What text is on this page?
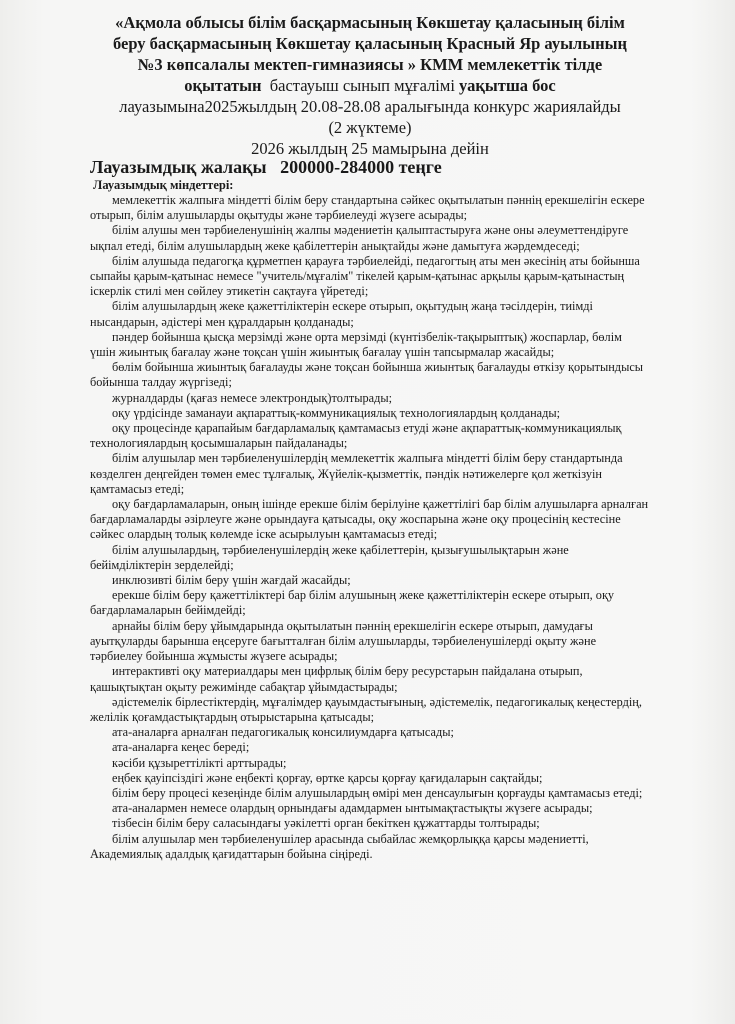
«Ақмола облысы білім басқармасының Көкшетау қаласының білім
беру басқармасының Көкшетау қаласының Красный Яр ауылының
№3 көпсалалы мектеп-гимназиясы » КММ мемлекеттік тілде
оқытатын  бастауыш сынып мұғалімі уақытша бос
лауазымына2025жылдың 20.08-28.08 аралығында конкурс жариялайды
(2 жүктеме)
2026 жылдың 25 мамырына дейін
Лауазымдық жалақы   200000-284000 теңге
Лауазымдық міндеттері:

мемлекеттік жалпыға міндетті білім беру стандартына сәйкес оқытылатын пәннің ерекшелігін ескере отырып, білім алушыларды оқытуды және тәрбиелеуді жүзеге асырады;

білім алушы мен тәрбиеленушінің жалпы мәдениетін қалыптастыруға және оны әлеуметтендіруге ықпал етеді, білім алушылардың жеке қабілеттерін анықтайды және дамытуға жәрдемдеседі;

білім алушыда педагогқа құрметпен қарауға тәрбиелейді, педагогтың аты мен әкесінің аты бойынша сыпайы қарым-қатынас немесе "учитель/мұғалім" тікелей қарым-қатынас арқылы қарым-қатынастың іскерлік стилі мен сөйлеу этикетін сақтауға үйретеді;

білім алушылардың жеке қажеттіліктерін ескере отырып, оқытудың жаңа тәсілдерін, тиімді нысандарын, әдістері мен құралдарын қолданады;

пәндер бойынша қысқа мерзімді және орта мерзімді (күнтізбелік-тақырыптық) жоспарлар, бөлім үшін жиынтық бағалау және тоқсан үшін жиынтық бағалау үшін тапсырмалар жасайды;

бөлім бойынша жиынтық бағалауды және тоқсан бойынша жиынтық бағалауды өткізу қорытындысы бойынша талдау жүргізеді;

журналдарды (қағаз немесе электрондық)толтырады;

оқу үрдісінде заманауи ақпараттық-коммуникациялық технологиялардың қолданады;

оқу процесінде қарапайым бағдарламалық қамтамасыз етуді және ақпараттық-коммуникациялық технологиялардың қосымшаларын пайдаланады;

білім алушылар мен тәрбиеленушілердің мемлекеттік жалпыға міндетті білім беру стандартында көзделген деңгейден төмен емес тұлғалық, Жүйелік-қызметтік, пәндік нәтижелерге қол жеткізуін қамтамасыз етеді;

оқу бағдарламаларын, оның ішінде ерекше білім берілуіне қажеттілігі бар білім алушыларға арналған бағдарламаларды әзірлеуге және орындауға қатысады, оқу жоспарына және оқу процесінің кестесіне сәйкес олардың толық көлемде іске асырылуын қамтамасыз етеді;

білім алушылардың, тәрбиеленушілердің жеке қабілеттерін, қызығушылықтарын және бейімділіктерін зерделейді;

инклюзивті білім беру үшін жағдай жасайды;

ерекше білім беру қажеттіліктері бар білім алушының жеке қажеттіліктерін ескере отырып, оқу бағдарламаларын бейімдейді;

арнайы білім беру ұйымдарында оқытылатын пәннің ерекшелігін ескере отырып, дамудағы ауытқуларды барынша еңсеруге бағытталған білім алушыларды, тәрбиеленушілерді оқыту және тәрбиелеу бойынша жұмысты жүзеге асырады;

интерактивті оқу материалдары мен цифрлық білім беру ресурстарын пайдалана отырып, қашықтықтан оқыту режимінде сабақтар ұйымдастырады;

әдістемелік бірлестіктердің, мұғалімдер қауымдастығының, әдістемелік, педагогикалық кеңестердің, желілік қоғамдастықтардың отырыстарына қатысады;

ата-аналарға арналған педагогикалық консилиумдарға қатысады;

ата-аналарға кеңес береді;

кәсіби құзыреттілікті арттырады;

еңбек қауіпсіздігі және еңбекті қорғау, өртке қарсы қорғау қағидаларын сақтайды;

білім беру процесі кезеңінде білім алушылардың өмірі мен денсаулығын қорғауды қамтамасыз етеді;

ата-аналармен немесе олардың орнындағы адамдармен ынтымақтастықты жүзеге асырады;

тізбесін білім беру саласындағы уәкілетті орган бекіткен құжаттарды толтырады;

білім алушылар мен тәрбиеленушілер арасында сыбайлас жемқорлыққа қарсы мәдениетті, Академиялық адалдық қағидаттарын бойына сіңіреді.
